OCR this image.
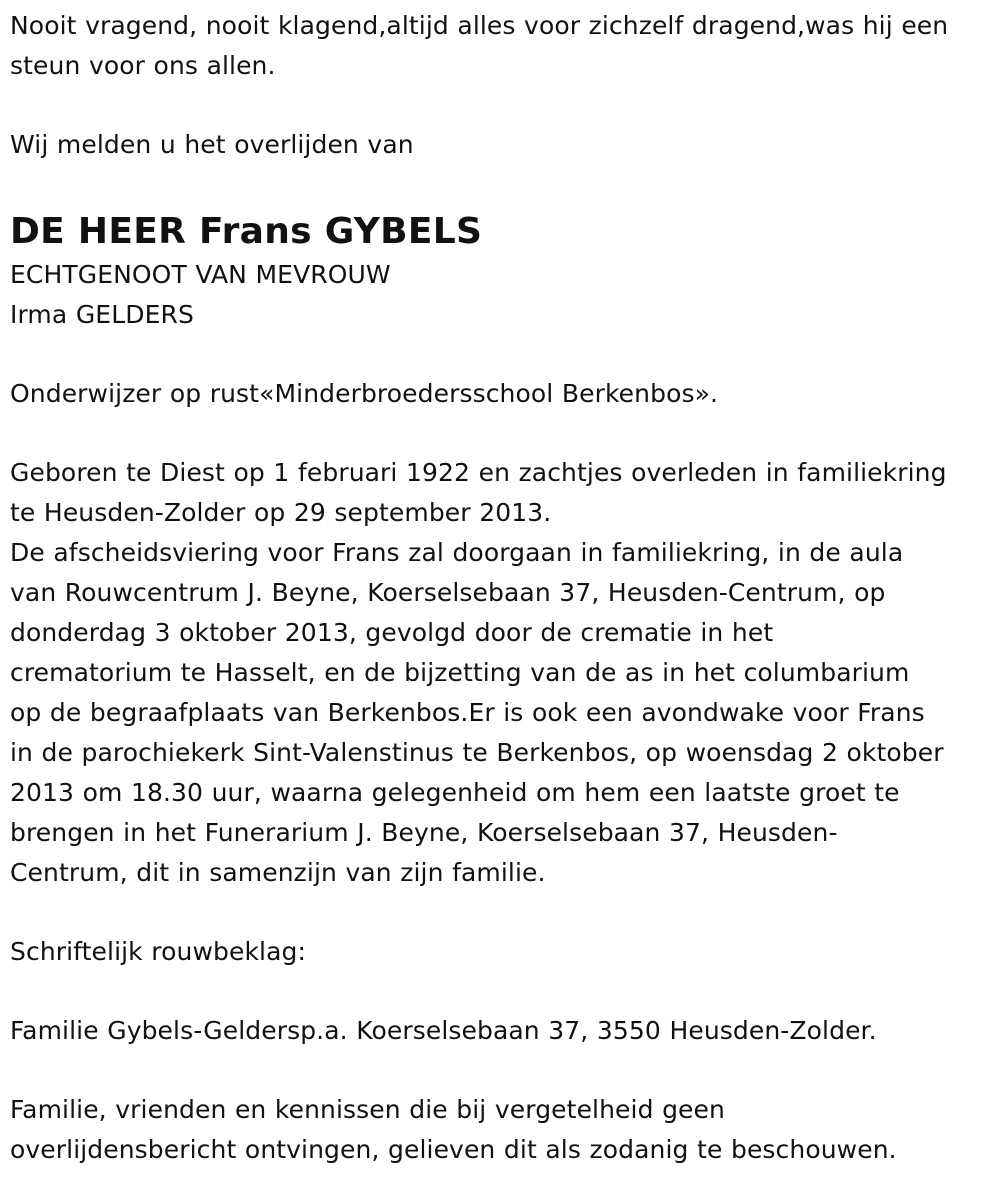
Nooit vragend, nooit klagend,altijd alles voor zichzelf dragend,was hij een

steun voor ons allen.

Wij melden u het overlijden van

DE HEER Frans GYBELS

ECHTGENOOT VAN MEVROUW

Irma GELDERS

Onderwijzer op rust«Minderbroedersschool Berkenbos».

Geboren te Diest op 1 februari 1922 en zachtjes overleden in familiekring

te Heusden-Zolder op 29 september 2013.

De afscheidsviering voor Frans zal doorgaan in familiekring, in de aula

van Rouwcentrum J. Beyne, Koerselsebaan 37, Heusden-Centrum, op

donderdag 3 oktober 2013, gevolgd door de crematie in het

crematorium te Hasselt, en de bijzetting van de as in het columbarium

op de begraafplaats van Berkenbos.Er is ook een avondwake voor Frans

in de parochiekerk Sint-Valenstinus te Berkenbos, op woensdag 2 oktober

2013 om 18.30 uur, waarna gelegenheid om hem een laatste groet te

brengen in het Funerarium J. Beyne, Koerselsebaan 37, Heusden-

Centrum, dit in samenzijn van zijn familie.

Schriftelijk rouwbeklag:

Familie Gybels-Geldersp.a. Koerselsebaan 37, 3550 Heusden-Zolder.

Familie, vrienden en kennissen die bij vergetelheid geen

overlijdensbericht ontvingen, gelieven dit als zodanig te beschouwen.
